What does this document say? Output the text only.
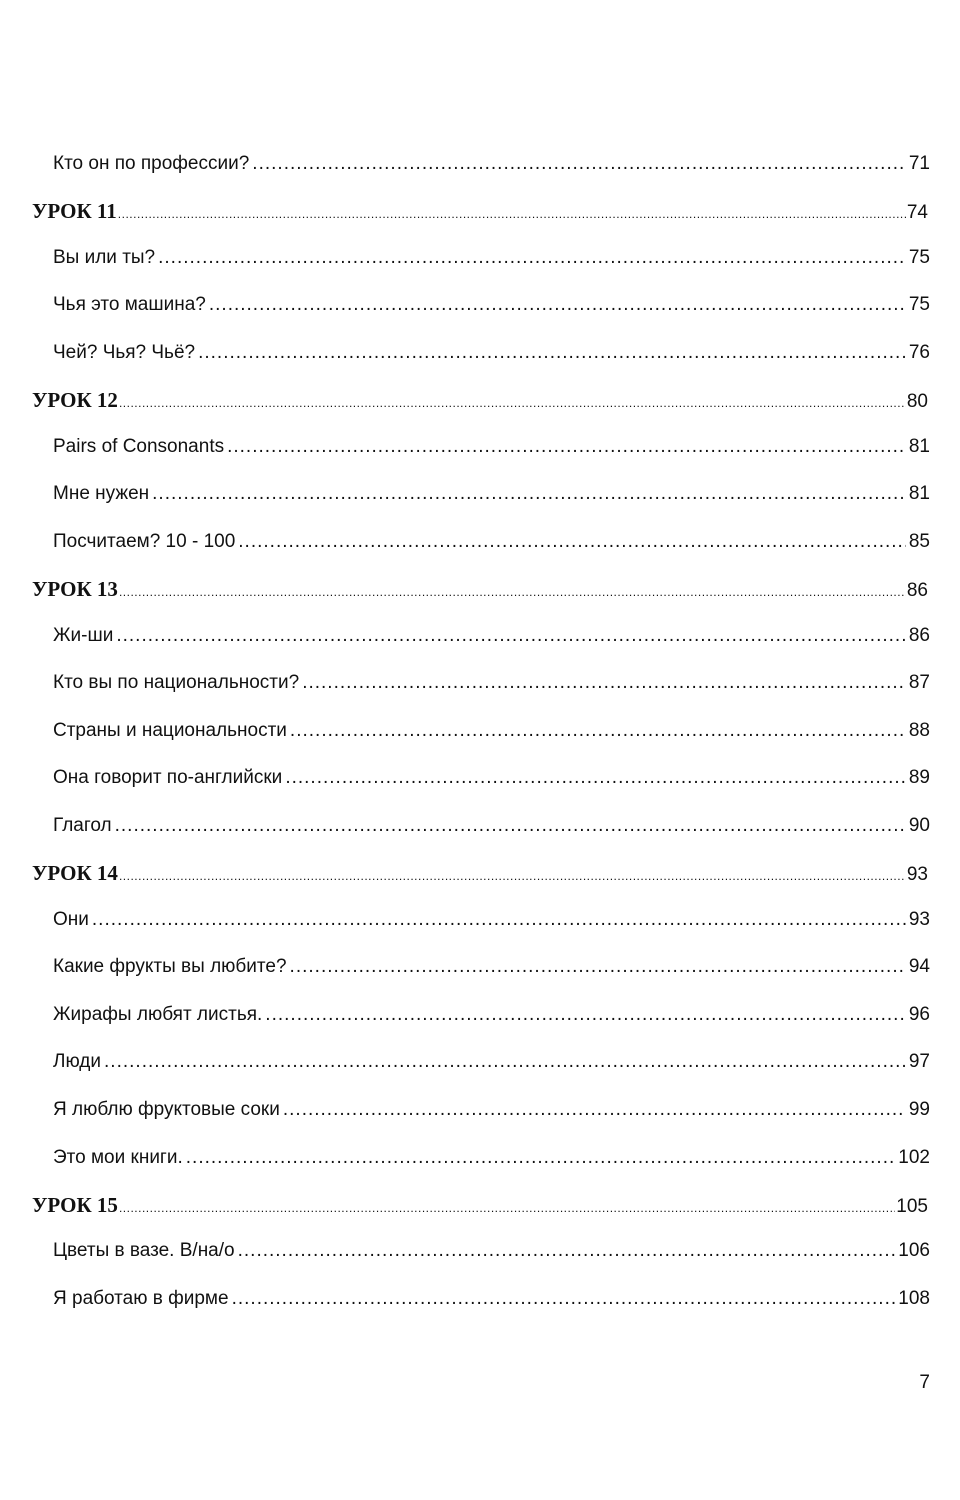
Кто он по профессии? .....	71
УРОК 11 .....	74
Вы или ты? .....	75
Чья это машина? .....	75
Чей? Чья? Чьё? .....	76
УРОК 12 .....	80
Pairs of Consonants .....	81
Мне нужен .....	81
Посчитаем? 10 - 100 .....	85
УРОК 13 .....	86
Жи-ши .....	86
Кто вы по национальности? .....	87
Страны и национальности .....	88
Она говорит по-английски .....	89
Глагол .....	90
УРОК 14 .....	93
Они .....	93
Какие фрукты вы любите? .....	94
Жирафы любят листья. .....	96
Люди .....	97
Я люблю фруктовые соки .....	99
Это мои книги. .....	102
УРОК 15 .....	105
Цветы в вазе. В/на/о .....	106
Я работаю в фирме .....	108
7
